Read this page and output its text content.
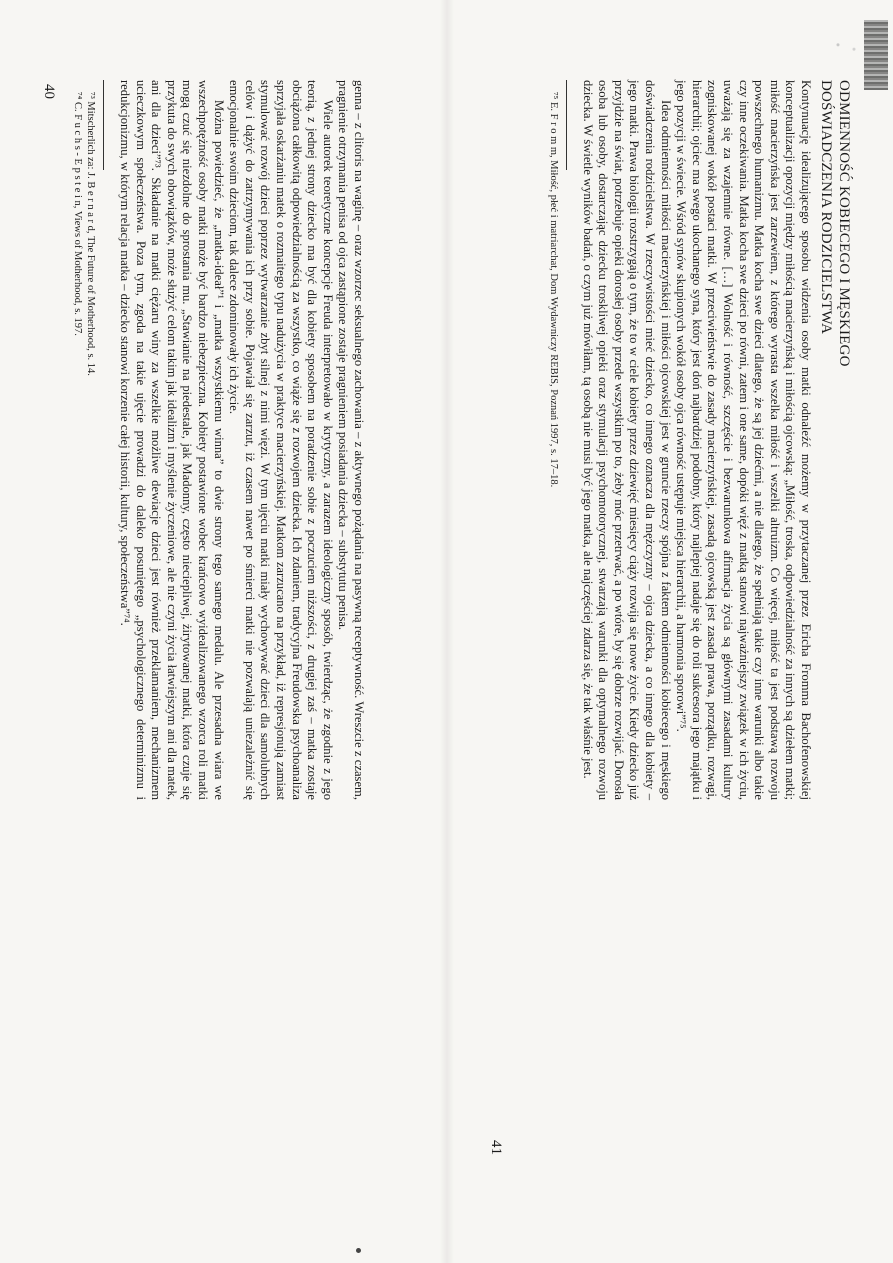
genna – z clitoris na waginę – oraz wzorzec seksualnego zachowania – z aktywnego pożądania na pasywną receptywność. Wreszcie z czasem, pragnienie otrzymania penisa od ojca zastąpione zostaje pragnieniem posiadania dziecka – substytutu penisa.

Wiele autorek teoretyczne koncepcje Freuda interpretowało w krytyczny, a zarazem ideologiczny sposób, twierdząc, że zgodnie z jego teorią, z jednej strony dziecko ma być dla kobiety sposobem na poradzenie sobie z poczuciem niższości, z drugiej zaś – matka zostaje obciążona całkowitą odpowiedzialnością za wszystko, co wiąże się z rozwojem dziecka. Ich zdaniem, tradycyjna Freudowska psychoanaliza sprzyjała oskarżaniu matek o rozmaitego typu nadużycia w praktyce macierzyńskiej. Matkom zarzucano na przykład, iż represjonują zamiast stymulować rozwój dzieci poprzez wytwarzanie zbyt silnej z nimi więzi. W tym ujęciu matki miały wychowywać dzieci dla samolubnych celów i dążyć do zatrzymywania ich przy sobie. Pojawiał się zarzut, iż czasem nawet po śmierci matki nie pozwalają uniezależnić się emocjonalnie swoim dzieciom, tak dalece zdominowały ich życie.

Można powiedzieć, że „matka-ideał”¹ i „matka wszystkiemu winna” to dwie strony tego samego medalu. Ale przesadna wiara we wszechpotężność osoby matki może być bardzo niebezpieczna. Kobiety postawione wobec krańcowo wyidealizowanego wzorca roli matki mogą czuć się niezdolne do sprostania mu. „Stawianie na piedestale, jak Madonny, często nieciepliwej, żirytowanej matki, która czuje się przykuta do swych obowiązków, może służyć celom takim jak idealizm i myślenie życzeniowe, ale nie czyni życia łatwiejszym ani dla matek, ani dla dzieci”⁷³. Składanie na matki ciężaru winy za wszelkie możliwe dewiacje dzieci jest również przeklamaniem, mechanizmem ucieczkowym społeczeństwa. Poza tym, zgoda na takie ujęcie prowadzi do daleko posuniętego „psychologicznego determinizmu i redukcjonizmu, w którym relacja matka – dziecko stanowi korzenie całej historii, kultury, społeczeństwa”⁷⁴.

⁷³ Mitscherlich za: J. B e r n a r d, The Future of Motherhood, s. 14.

⁷⁴ C. F u c h s - E p s t e i n, Views of Motherhood, s. 197.

40	ODMIENNOŚĆ KOBIECEGO I MĘSKIEGO
DOŚWIADCZENIA RODZICIELSTWA

Kontynuację idealizującego sposobu widzenia osoby matki odnaleźć możemy w przytaczanej przez Ericha Fromma Bachofenowskiej konceptualizacji opozycji między miłością macierzyńską i miłością ojcowską: „Miłość, troska, odpowiedzialność za innych są dziełem matki; miłość macierzyńska jest zarzewiem, z którego wyrasta wszelka miłość i wszelki altruizm. Co więcej, miłość ta jest podstawą rozwoju powszechnego humanizmu. Matka kocha swe dzieci dlatego, że są jej dziećmi, a nie dlatego, że spełniają takie czy inne warunki albo takie czy inne oczekiwania. Matka kocha swe dzieci po równi, zatem i one same, dopóki więź z matką stanowi najważniejszy związek w ich życiu, uważają się za wzajemnie równe. […] Wolność i równość, szczęście i bezwarunkowa afirmacja życia są głównymi zasadami kultury zogniskowanej wokół postaci matki. W przeciwieństwie do zasady macierzyńskiej, zasadą ojcowską jest zasada prawa, porządku, rozwagi, hierarchii; ojciec ma swego ukochanego syna, który jest doń najbardziej podobny, który najlepiej nadaje się do roli sukcesora jego majątku i jego pozycji w świecie. Wśród synów skupionych wokół osoby ojca równość ustępuje miejsca hierarchii, a harmonia sporowi”⁷⁵.

Idea odmienności miłości macierzyńskiej i miłości ojcowskiej jest w gruncie rzeczy spójna z faktem odmienności kobiecego i męskiego doświadczenia rodzicielstwa. W rzeczywistości mieć dziecko, co innego oznacza dla mężczyzny – ojca dziecka, a co innego dla kobiety – jego matki. Prawa biologii rozstrzygają o tym, że to w ciele kobiety przez dziewięć miesięcy ciąży rozwija się nowe życie. Kiedy dziecko już przyjdzie na świat, potrzebuje opieki dorosłej osoby przede wszystkim po to, żeby móc przetrwać, a po wtóre, by się dobrze rozwijać. Dorosła osoba lub osoby, dostarczając dziecku troskliwej opieki oraz stymulacji psychomotorycznej, stwarzają warunki dla optymalnego rozwoju dziecka. W świetle wyników badań, o czym już mówiłam, tą osobą nie musi być jego matka, ale najczęściej zdarza się, że tak właśnie jest.

⁷⁵ E. F r o m m, Miłość, płeć i matriarchat, Dom Wydawniczy REBIS, Poznań 1997, s. 17–18.

41
